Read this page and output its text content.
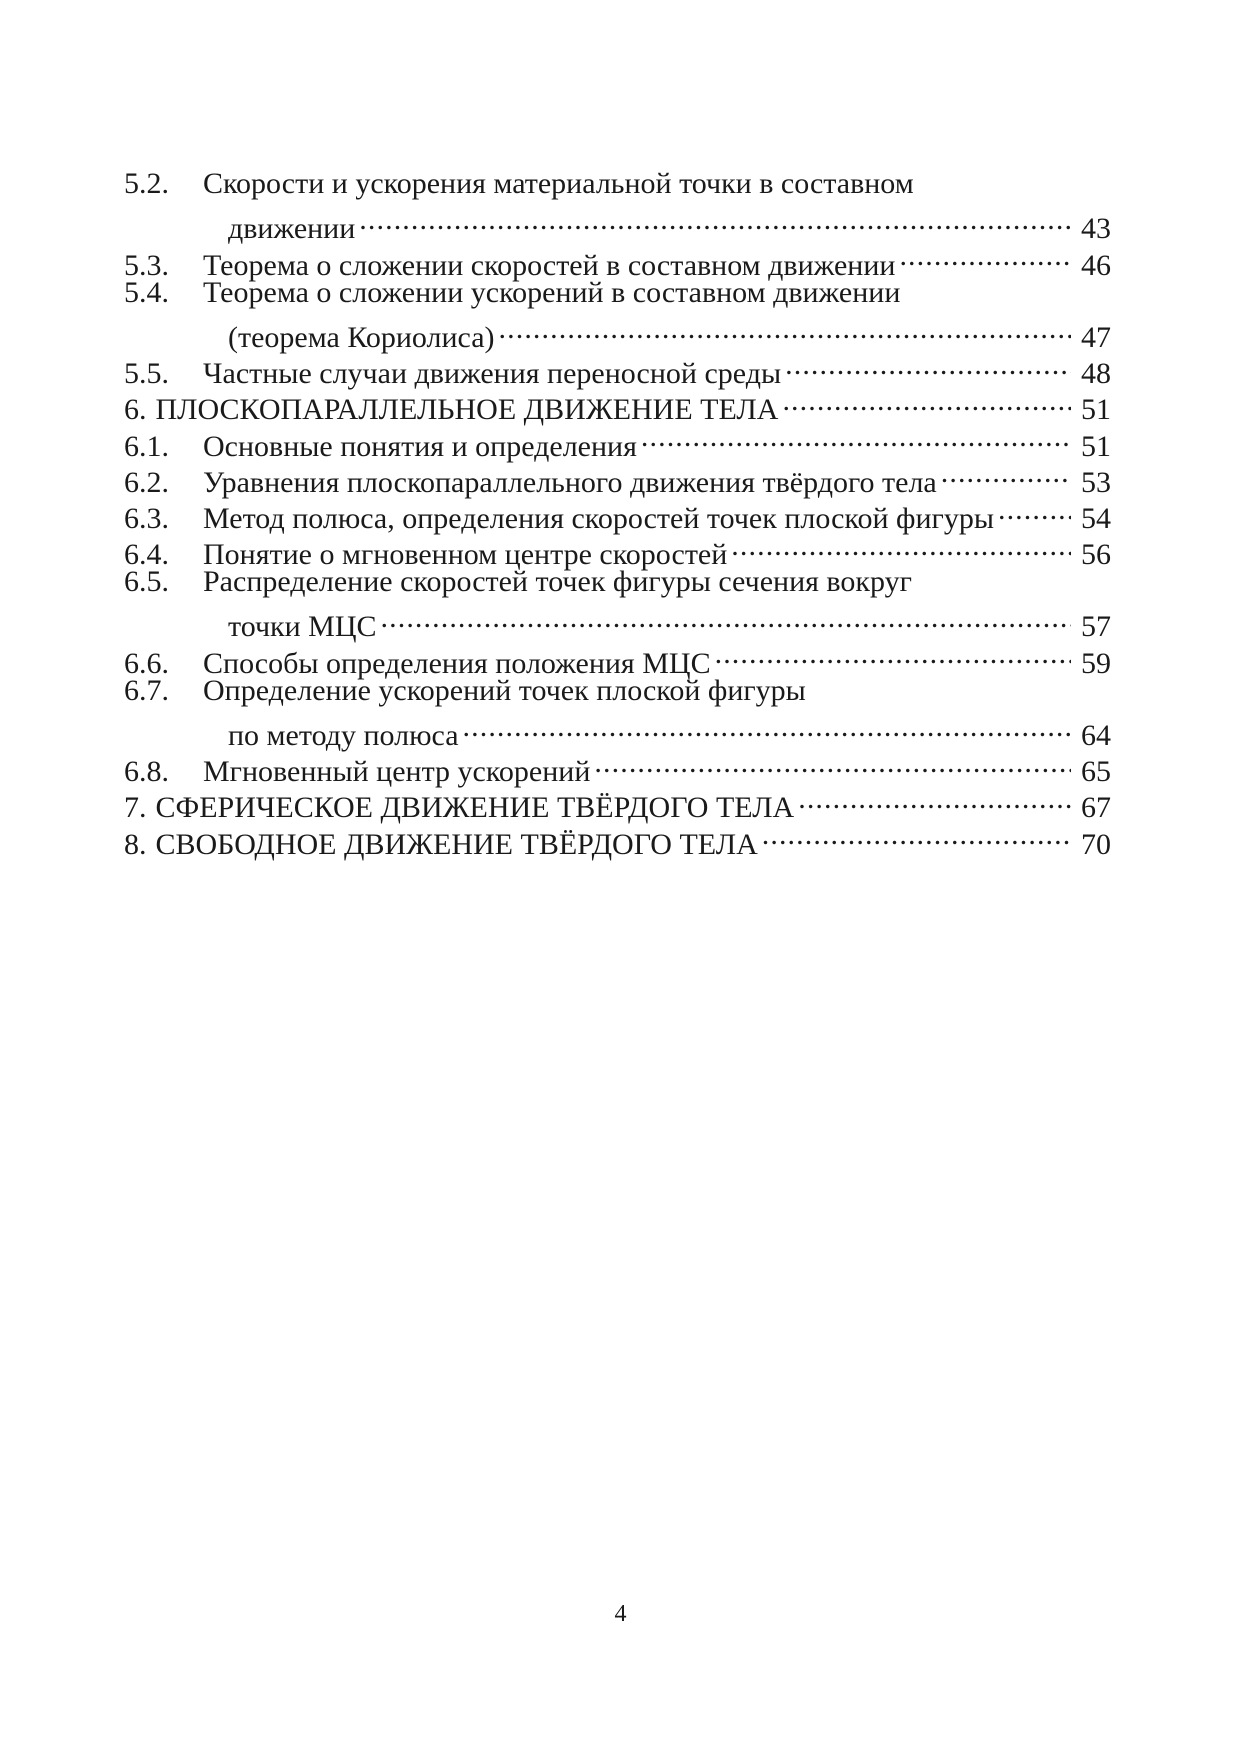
5.2.	Скорости и ускорения материальной точки в составном
движении . . .	43
5.3.	Теорема о сложении скоростей в составном движении . . .	46
5.4.	Теорема о сложении ускорений в составном движении
(теорема Кориолиса) . . .	47
5.5.	Частные случаи движения переносной среды . . .	48
6. ПЛОСКОПАРАЛЛЕЛЬНОЕ ДВИЖЕНИЕ ТЕЛА . . .	51
6.1.	Основные понятия и определения . . .	51
6.2.	Уравнения плоскопараллельного движения твёрдого тела . . .	53
6.3.	Метод полюса, определения скоростей точек плоской фигуры . . .	54
6.4.	Понятие о мгновенном центре скоростей . . .	56
6.5.	Распределение скоростей точек фигуры сечения вокруг
точки МЦС . . .	57
6.6.	Способы определения положения МЦС . . .	59
6.7.	Определение ускорений точек плоской фигуры
по методу полюса . . .	64
6.8.	Мгновенный центр ускорений . . .	65
7. СФЕРИЧЕСКОЕ ДВИЖЕНИЕ ТВЁРДОГО ТЕЛА . . .	67
8. СВОБОДНОЕ ДВИЖЕНИЕ ТВЁРДОГО ТЕЛА . . .	70
4
